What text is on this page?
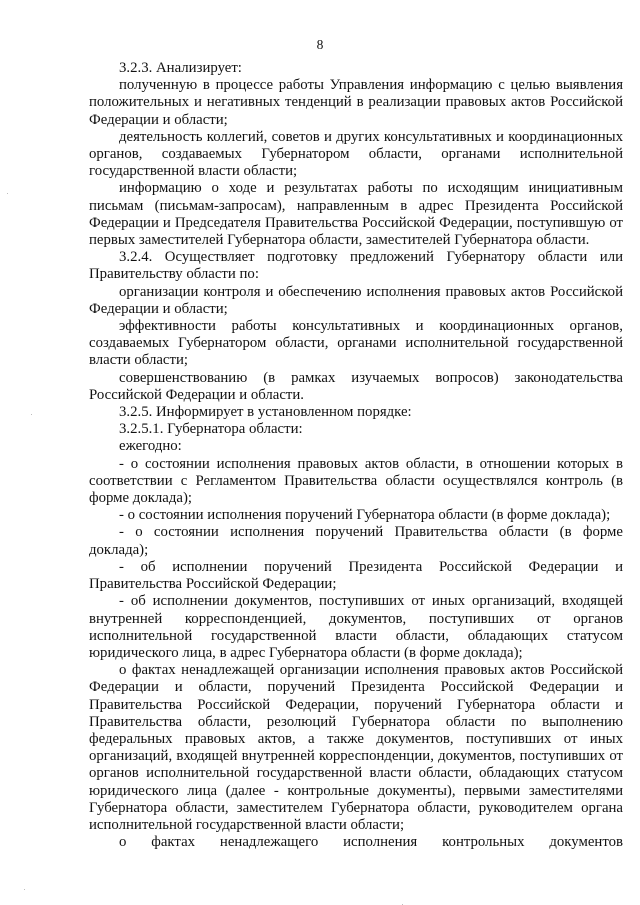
8

3.2.3. Анализирует:

полученную в процессе работы Управления информацию с целью выявления положительных и негативных тенденций в реализации правовых актов Российской Федерации и области;

деятельность коллегий, советов и других консультативных и координационных органов, создаваемых Губернатором области, органами исполнительной государственной власти области;

информацию о ходе и результатах работы по исходящим инициативным письмам (письмам-запросам), направленным в адрес Президента Российской Федерации и Председателя Правительства Российской Федерации, поступившую от первых заместителей Губернатора области, заместителей Губернатора области.

3.2.4. Осуществляет подготовку предложений Губернатору области или Правительству области по:

организации контроля и обеспечению исполнения правовых актов Российской Федерации и области;

эффективности работы консультативных и координационных органов, создаваемых Губернатором области, органами исполнительной государственной власти области;

совершенствованию (в рамках изучаемых вопросов) законодательства Российской Федерации и области.

3.2.5. Информирует в установленном порядке:

3.2.5.1. Губернатора области:

ежегодно:

- о состоянии исполнения правовых актов области, в отношении которых в соответствии с Регламентом Правительства области осуществлялся контроль (в форме доклада);

- о состоянии исполнения поручений Губернатора области (в форме доклада);

- о состоянии исполнения поручений Правительства области (в форме доклада);

- об исполнении поручений Президента Российской Федерации и Правительства Российской Федерации;

- об исполнении документов, поступивших от иных организаций, входящей внутренней корреспонденцией, документов, поступивших от органов исполнительной государственной власти области, обладающих статусом юридического лица, в адрес Губернатора области (в форме доклада);

о фактах ненадлежащей организации исполнения правовых актов Российской Федерации и области, поручений Президента Российской Федерации и Правительства Российской Федерации, поручений Губернатора области и Правительства области, резолюций Губернатора области по выполнению федеральных правовых актов, а также документов, поступивших от иных организаций, входящей внутренней корреспонденции, документов, поступивших от органов исполнительной государственной власти области, обладающих статусом юридического лица (далее - контрольные документы), первыми заместителями Губернатора области, заместителем Губернатора области, руководителем органа исполнительной государственной власти области;

о фактах ненадлежащего исполнения контрольных документов
